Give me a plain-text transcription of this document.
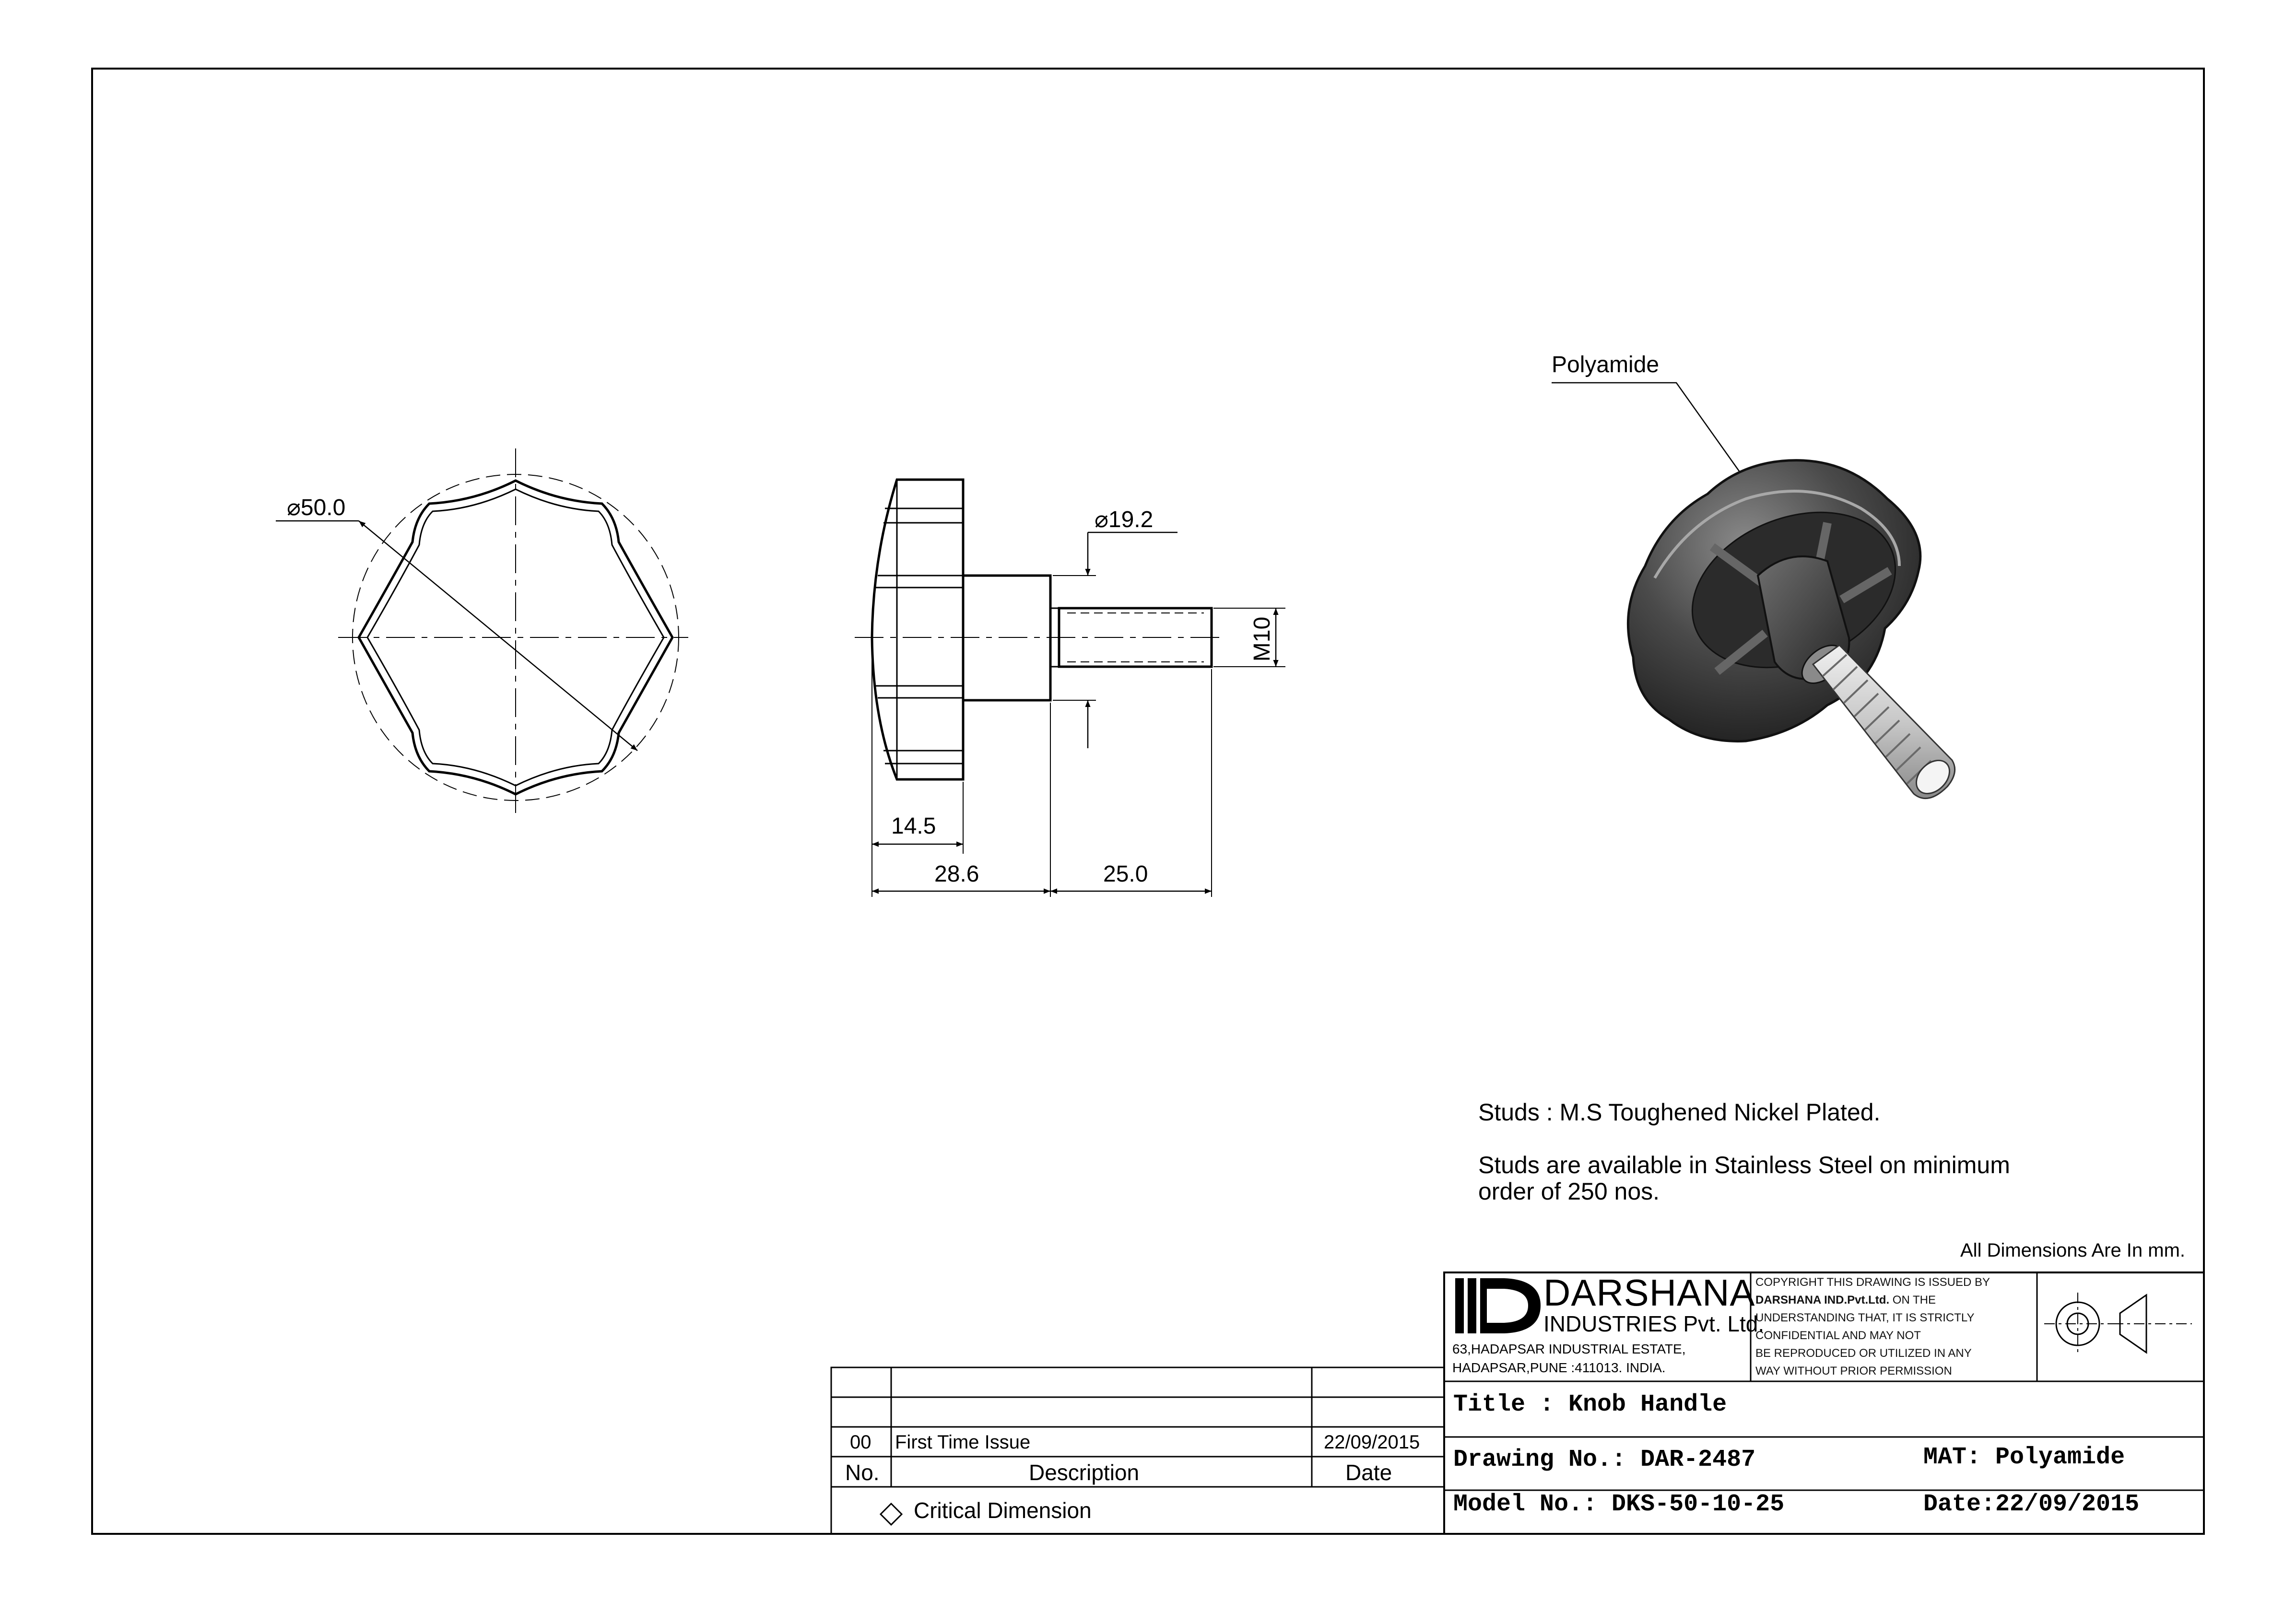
⌀50.0	⌀19.2
M10
14.5
28.6	25.0
Polyamide
Studs : M.S Toughened Nickel Plated.
Studs are available in Stainless Steel on minimum
order of 250 nos.
All Dimensions Are In mm.
DARSHANA
INDUSTRIES Pvt. Ltd.
63,HADAPSAR INDUSTRIAL ESTATE,
HADAPSAR,PUNE :411013. INDIA.
COPYRIGHT THIS DRAWING IS ISSUED BY
DARSHANA IND.Pvt.Ltd. ON THE
UNDERSTANDING THAT, IT IS STRICTLY
CONFIDENTIAL AND MAY NOT
BE REPRODUCED OR UTILIZED IN ANY
WAY WITHOUT PRIOR PERMISSION
Title : Knob Handle
Drawing No.: DAR-2487	MAT: Polyamide
Model No.: DKS-50-10-25	Date:22/09/2015
00 First Time Issue	22/09/2015
No.	Description	Date
Critical Dimension
